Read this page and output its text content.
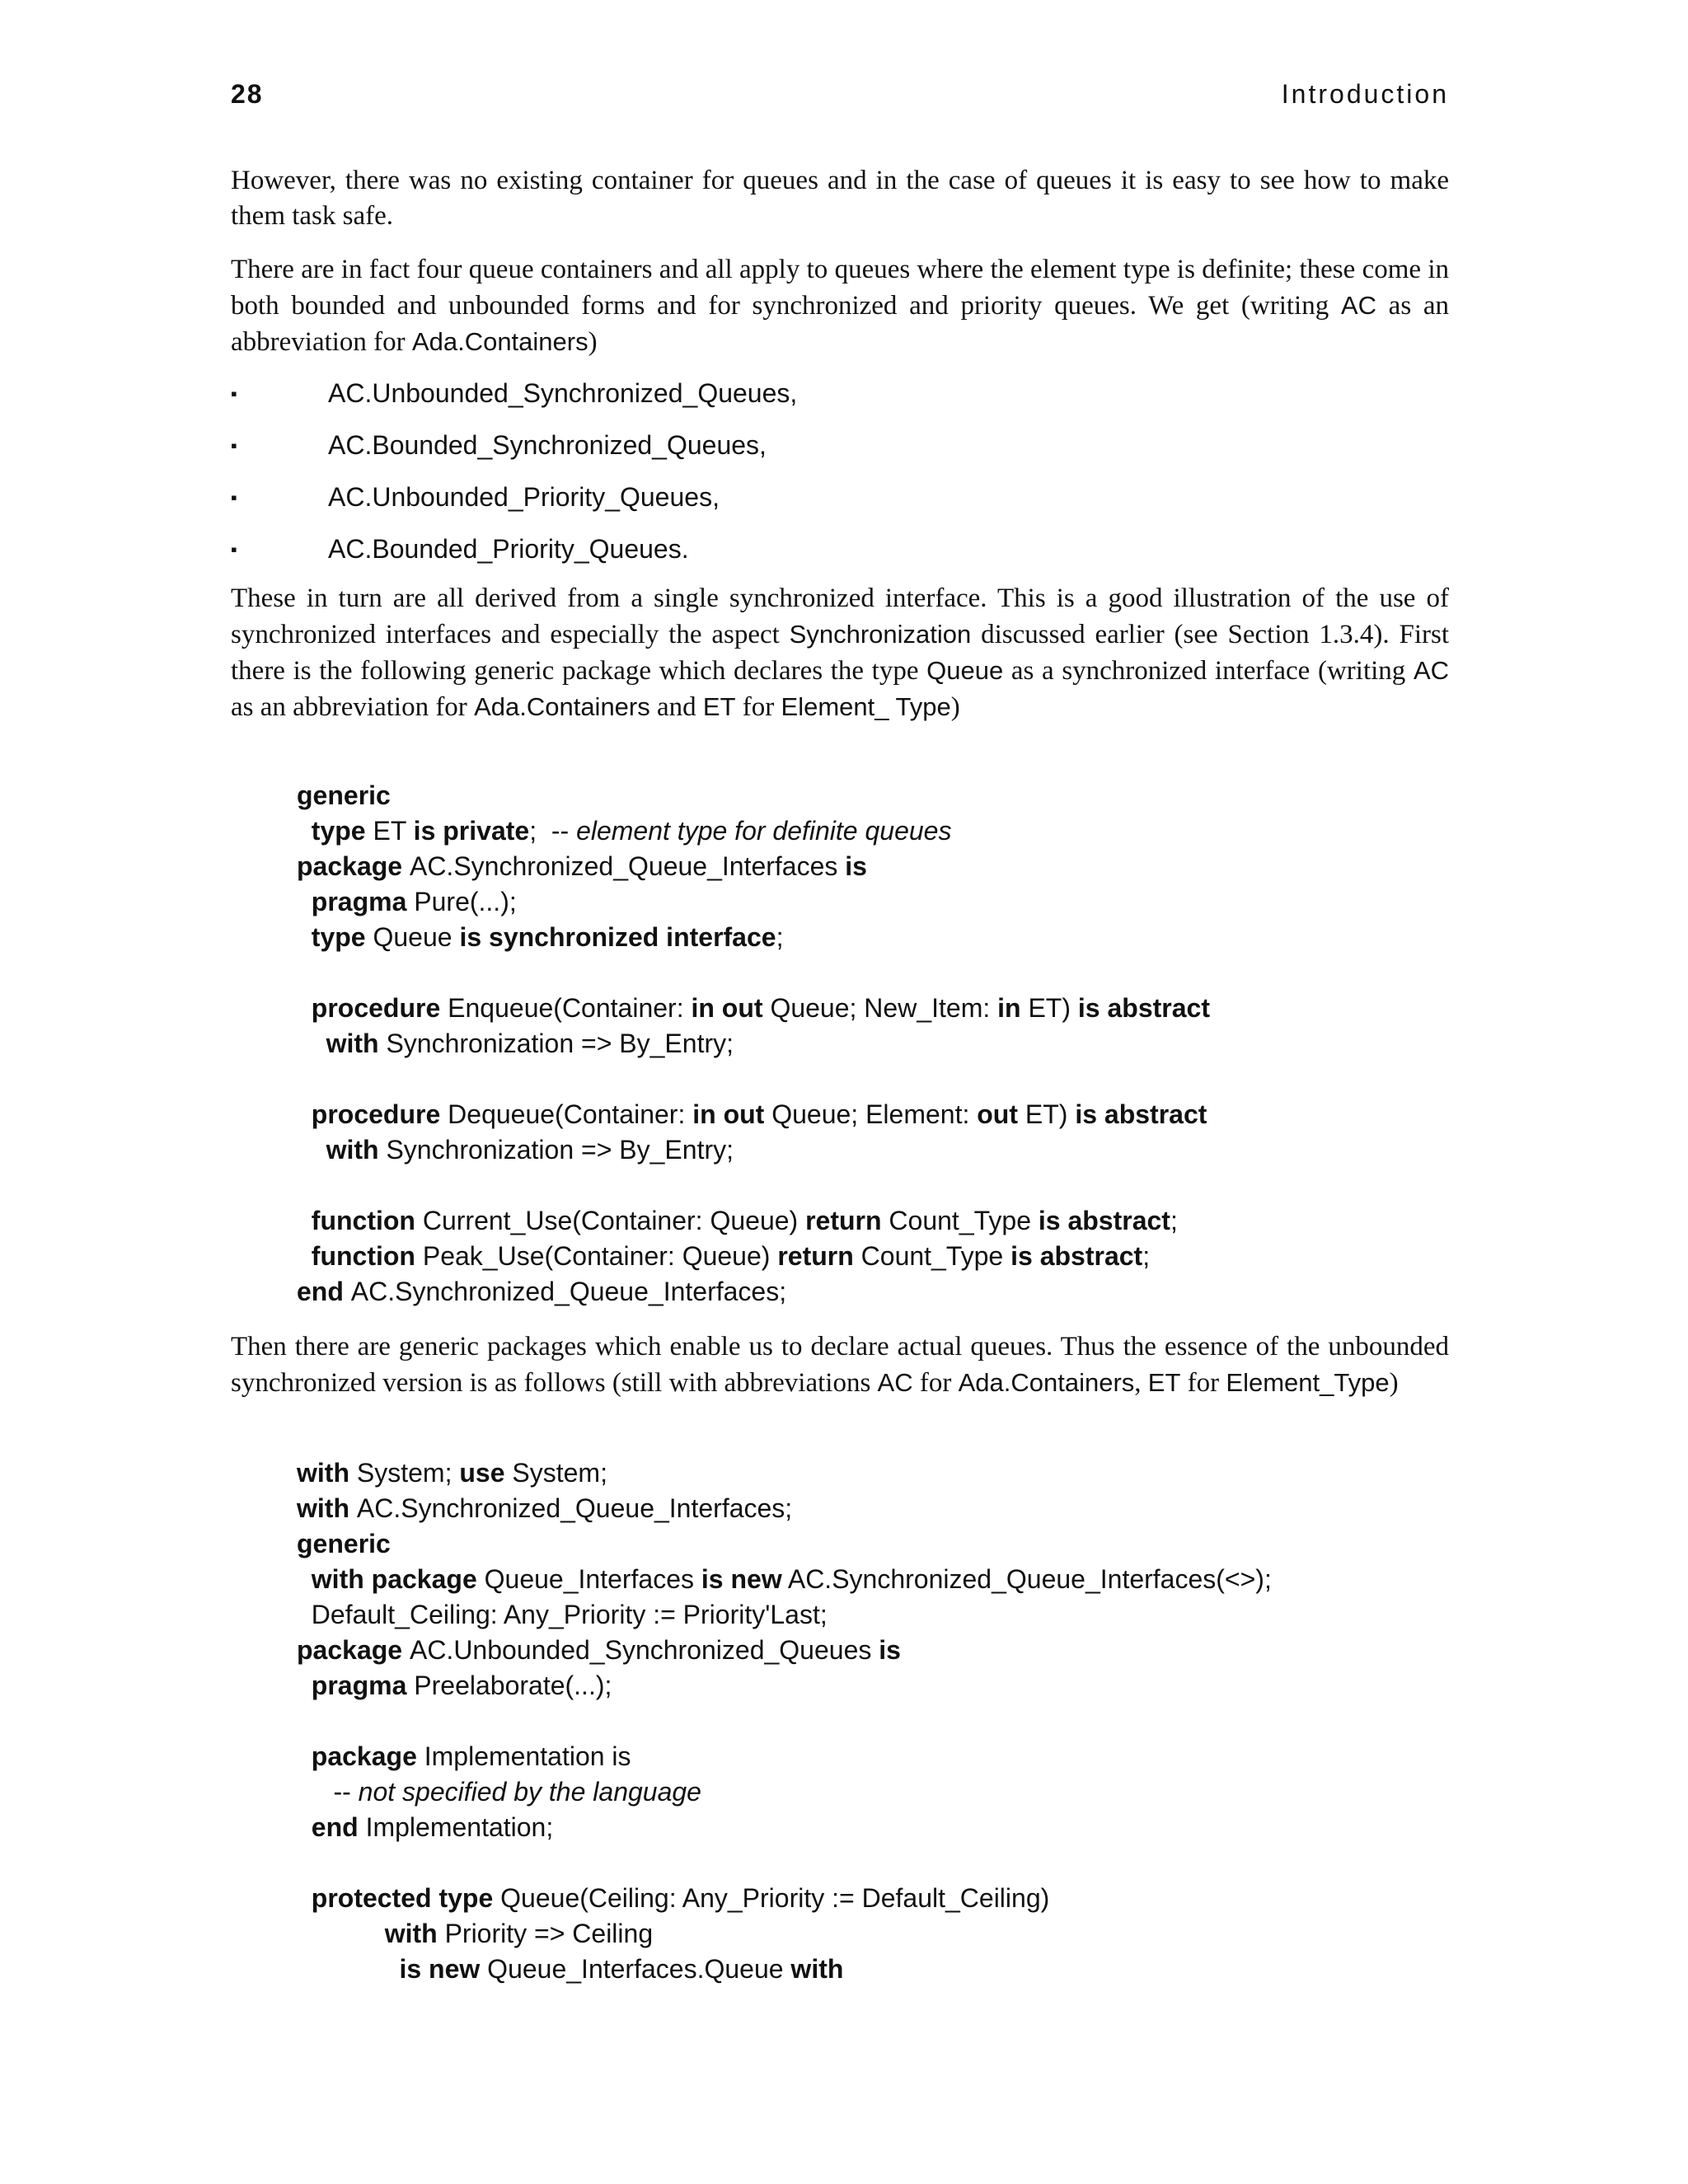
28	Introduction

However, there was no existing container for queues and in the case of queues it is easy to see how to make them task safe.

There are in fact four queue containers and all apply to queues where the element type is definite; these come in both bounded and unbounded forms and for synchronized and priority queues. We get (writing AC as an abbreviation for Ada.Containers)

▪	AC.Unbounded_Synchronized_Queues,
▪	AC.Bounded_Synchronized_Queues,
▪	AC.Unbounded_Priority_Queues,
▪	AC.Bounded_Priority_Queues.

These in turn are all derived from a single synchronized interface. This is a good illustration of the use of synchronized interfaces and especially the aspect Synchronization discussed earlier (see Section 1.3.4). First there is the following generic package which declares the type Queue as a synchronized interface (writing AC as an abbreviation for Ada.Containers and ET for Element_ Type)

generic
type ET is private;  -- element type for definite queues
package AC.Synchronized_Queue_Interfaces is
pragma Pure(...);
type Queue is synchronized interface;
procedure Enqueue(Container: in out Queue; New_Item: in ET) is abstract
with Synchronization => By_Entry;
procedure Dequeue(Container: in out Queue; Element: out ET) is abstract
with Synchronization => By_Entry;
function Current_Use(Container: Queue) return Count_Type is abstract;
function Peak_Use(Container: Queue) return Count_Type is abstract;
end AC.Synchronized_Queue_Interfaces;

Then there are generic packages which enable us to declare actual queues. Thus the essence of the unbounded synchronized version is as follows (still with abbreviations AC for Ada.Containers, ET for Element_Type)

with System; use System;
with AC.Synchronized_Queue_Interfaces;
generic
with package Queue_Interfaces is new AC.Synchronized_Queue_Interfaces(<>);
Default_Ceiling: Any_Priority := Priority'Last;
package AC.Unbounded_Synchronized_Queues is
pragma Preelaborate(...);
package Implementation is
-- not specified by the language
end Implementation;
protected type Queue(Ceiling: Any_Priority := Default_Ceiling)
with Priority => Ceiling
is new Queue_Interfaces.Queue with
